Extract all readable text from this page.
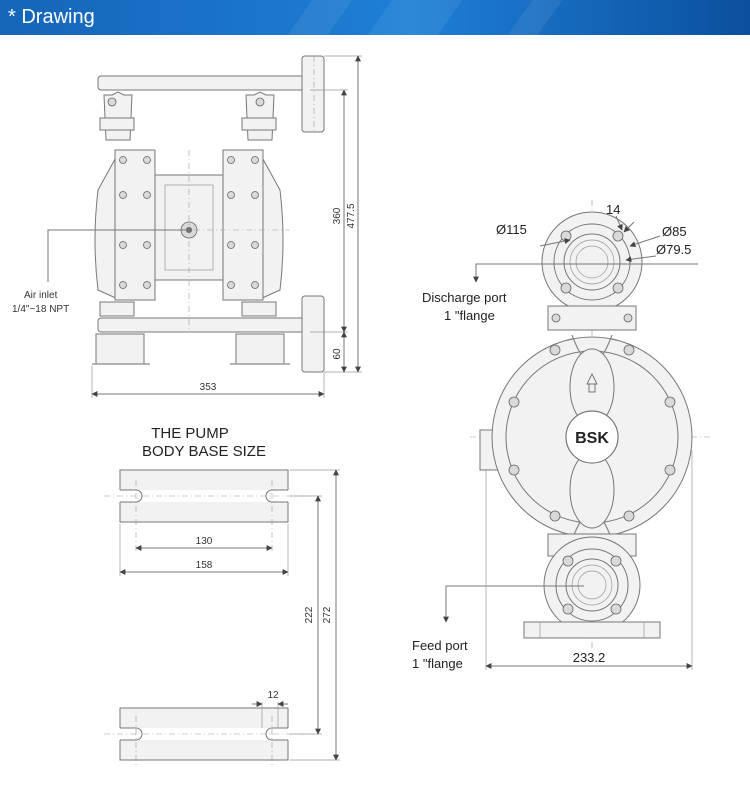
* Drawing
Air inlet
1/4"~18 NPT
360 477.5
60
353
THE PUMP
BODY BASE SIZE
130
158
222 272
12
BSK
Ø115
14
Ø85
Ø79.5
Discharge port
1 "flange
Feed port
1 "flange	233.2
